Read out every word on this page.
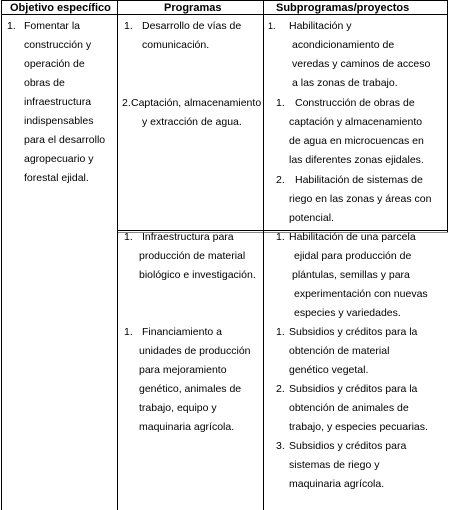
Objetivo específico	Programas	Subprogramas/proyectos
1. Fomentar la
construcción y
operación de
obras de
infraestructura
indispensables
para el desarrollo
agropecuario y
forestal ejidal.
1. Desarrollo de vías de
comunicación.
2. Captación, almacenamiento
y extracción de agua.
1. Infraestructura para
producción de material
biológico e investigación.
1. Financiamiento a
unidades de producción
para mejoramiento
genético, animales de
trabajo, equipo y
maquinaria agrícola.
1. Habilitación y
acondicionamiento de
veredas y caminos de acceso
a las zonas de trabajo.
1. Construcción de obras de
captación y almacenamiento
de agua en microcuencas en
las diferentes zonas ejidales.
2. Habilitación de sistemas de
riego en las zonas y áreas con
potencial.
1. Habilitación de una parcela
ejidal para producción de
plántulas, semillas y para
experimentación con nuevas
especies y variedades.
1. Subsidios y créditos para la
obtención de material
genético vegetal.
2. Subsidios y créditos para la
obtención de animales de
trabajo, y especies pecuarias.
3. Subsidios y créditos para
sistemas de riego y
maquinaria agrícola.
